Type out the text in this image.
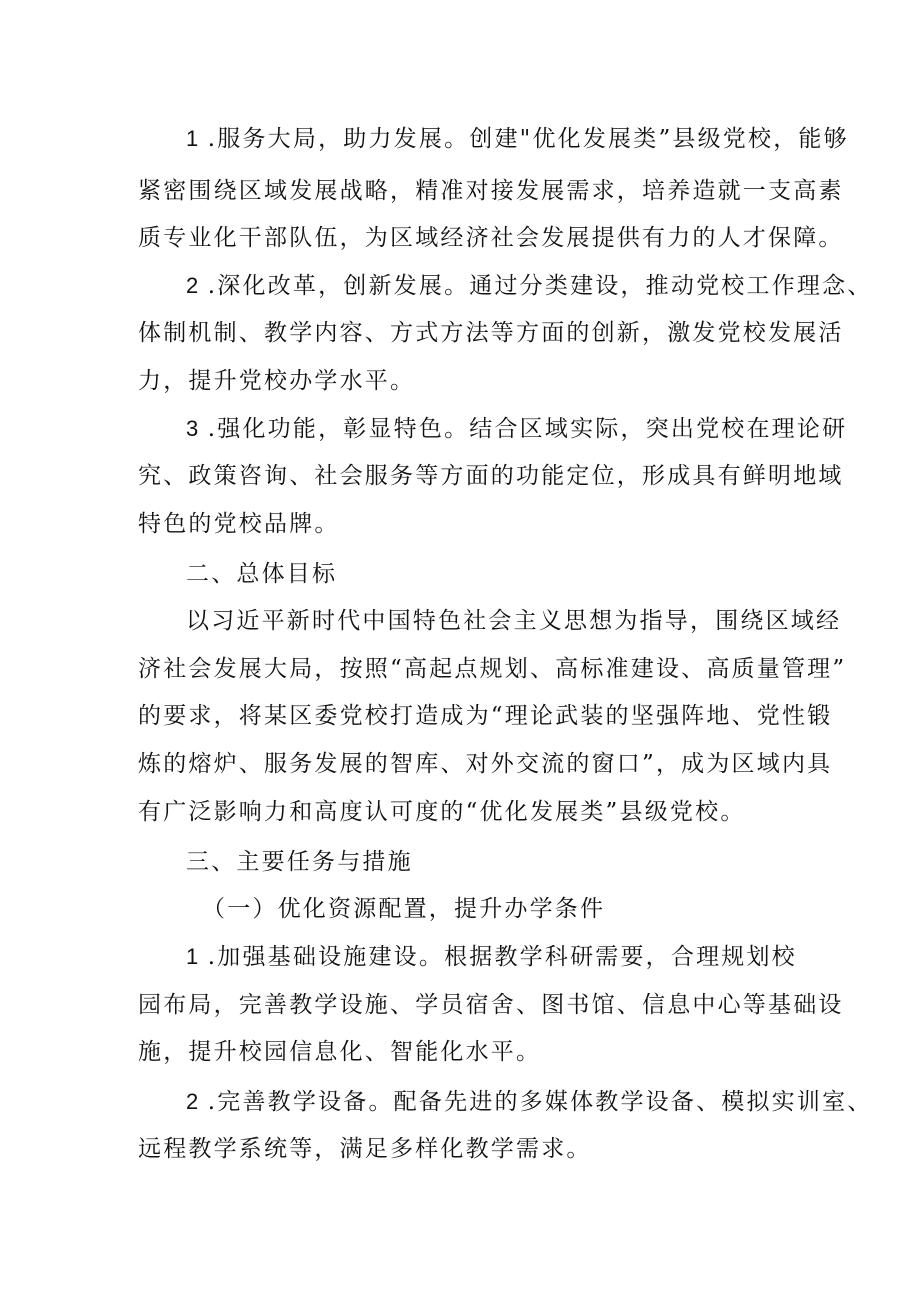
1 .服务大局，助力发展。创建"优化发展类”县级党校，能够
紧密围绕区域发展战略，精准对接发展需求，培养造就一支高素
质专业化干部队伍，为区域经济社会发展提供有力的人才保障。
2 .深化改革，创新发展。通过分类建设，推动党校工作理念、
体制机制、教学内容、方式方法等方面的创新，激发党校发展活
力，提升党校办学水平。
3 .强化功能，彰显特色。结合区域实际，突出党校在理论研
究、政策咨询、社会服务等方面的功能定位，形成具有鲜明地域
特色的党校品牌。
二、总体目标
以习近平新时代中国特色社会主义思想为指导，围绕区域经
济社会发展大局，按照“高起点规划、高标准建设、高质量管理”
的要求，将某区委党校打造成为“理论武装的坚强阵地、党性锻
炼的熔炉、服务发展的智库、对外交流的窗口”，成为区域内具
有广泛影响力和高度认可度的“优化发展类”县级党校。
三、主要任务与措施
（一）优化资源配置，提升办学条件
1 .加强基础设施建设。根据教学科研需要，合理规划校
园布局，完善教学设施、学员宿舍、图书馆、信息中心等基础设
施，提升校园信息化、智能化水平。
2 .完善教学设备。配备先进的多媒体教学设备、模拟实训室、
远程教学系统等，满足多样化教学需求。
